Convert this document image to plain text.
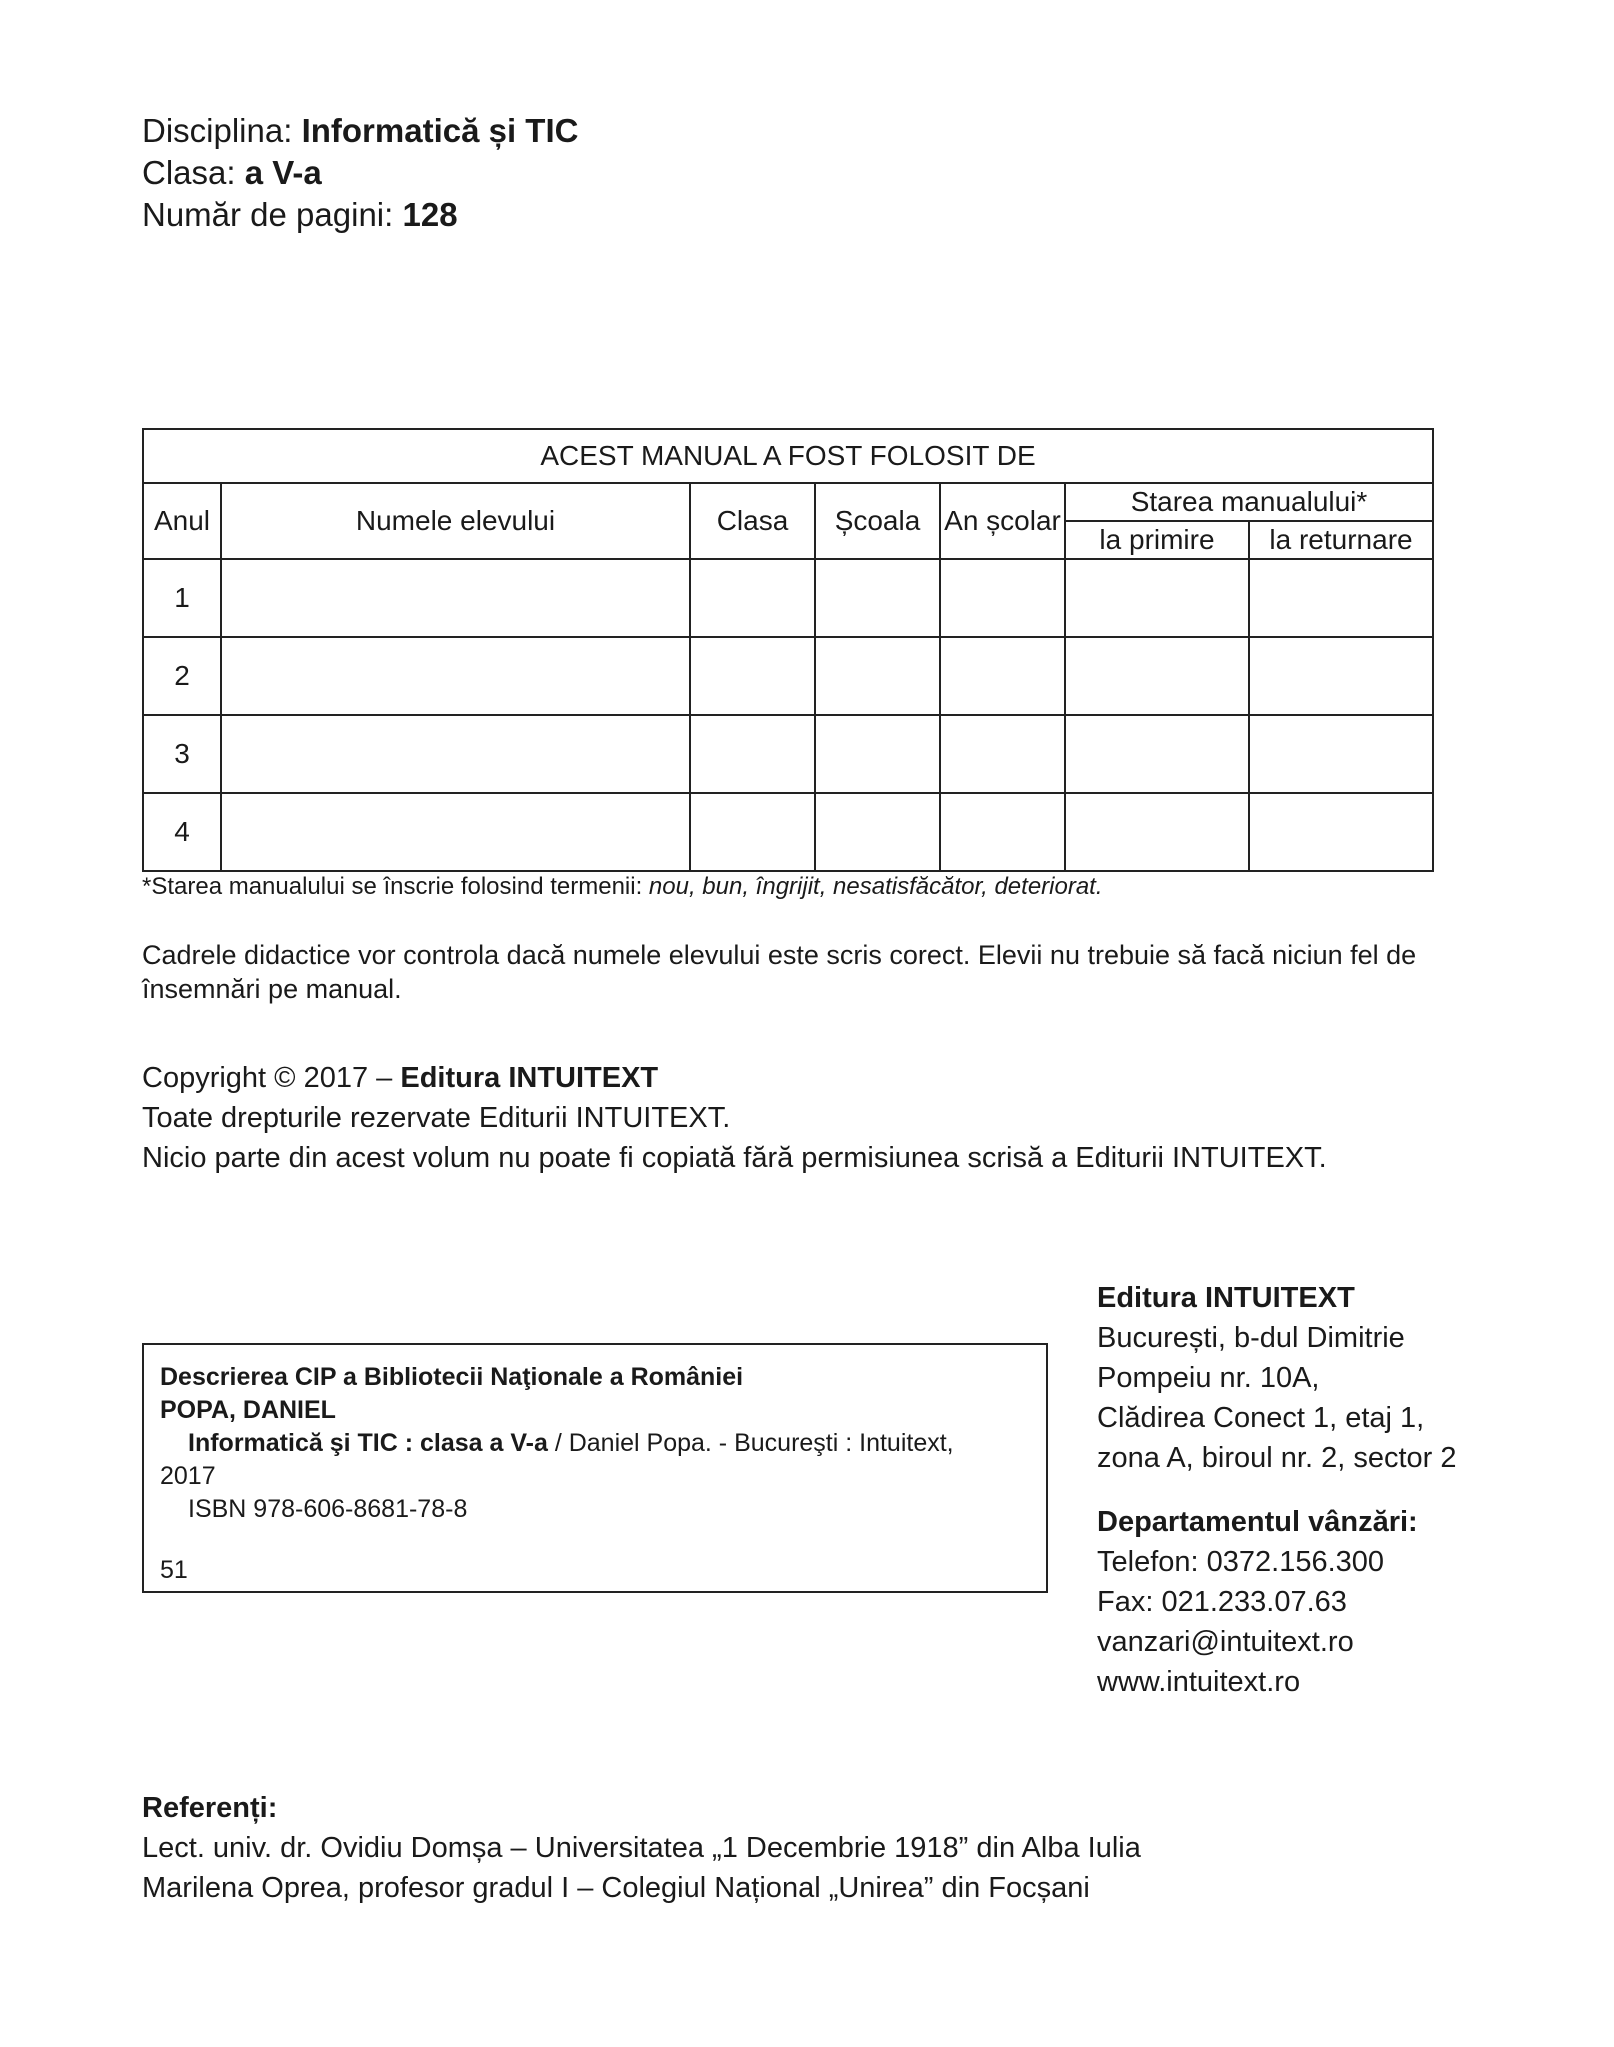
Disciplina: Informatică și TIC
Clasa: a V-a
Număr de pagini: 128
ACEST MANUAL A FOST FOLOSIT DE						
Anul	Numele elevului	Clasa	Școala	An școlar	Starea manualului*	
					la primire	la returnare
1						
2						
3						
4						
*Starea manualului se înscrie folosind termenii: nou, bun, îngrijit, nesatisfăcător, deteriorat.
Cadrele didactice vor controla dacă numele elevului este scris corect. Elevii nu trebuie să facă niciun fel de însemnări pe manual.
Copyright © 2017 – Editura INTUITEXT
Toate drepturile rezervate Editurii INTUITEXT.
Nicio parte din acest volum nu poate fi copiată fără permisiunea scrisă a Editurii INTUITEXT.
Descrierea CIP a Bibliotecii Naţionale a României
POPA, DANIEL
Informatică şi TIC : clasa a V-a / Daniel Popa. - Bucureşti : Intuitext,
2017
ISBN 978-606-8681-78-8
51
Editura INTUITEXT
București, b-dul Dimitrie
Pompeiu nr. 10A,
Clădirea Conect 1, etaj 1,
zona A, biroul nr. 2, sector 2
Departamentul vânzări:
Telefon: 0372.156.300
Fax: 021.233.07.63
vanzari@intuitext.ro
www.intuitext.ro
Referenți:
Lect. univ. dr. Ovidiu Domșa – Universitatea „1 Decembrie 1918” din Alba Iulia
Marilena Oprea, profesor gradul I – Colegiul Național „Unirea” din Focșani
